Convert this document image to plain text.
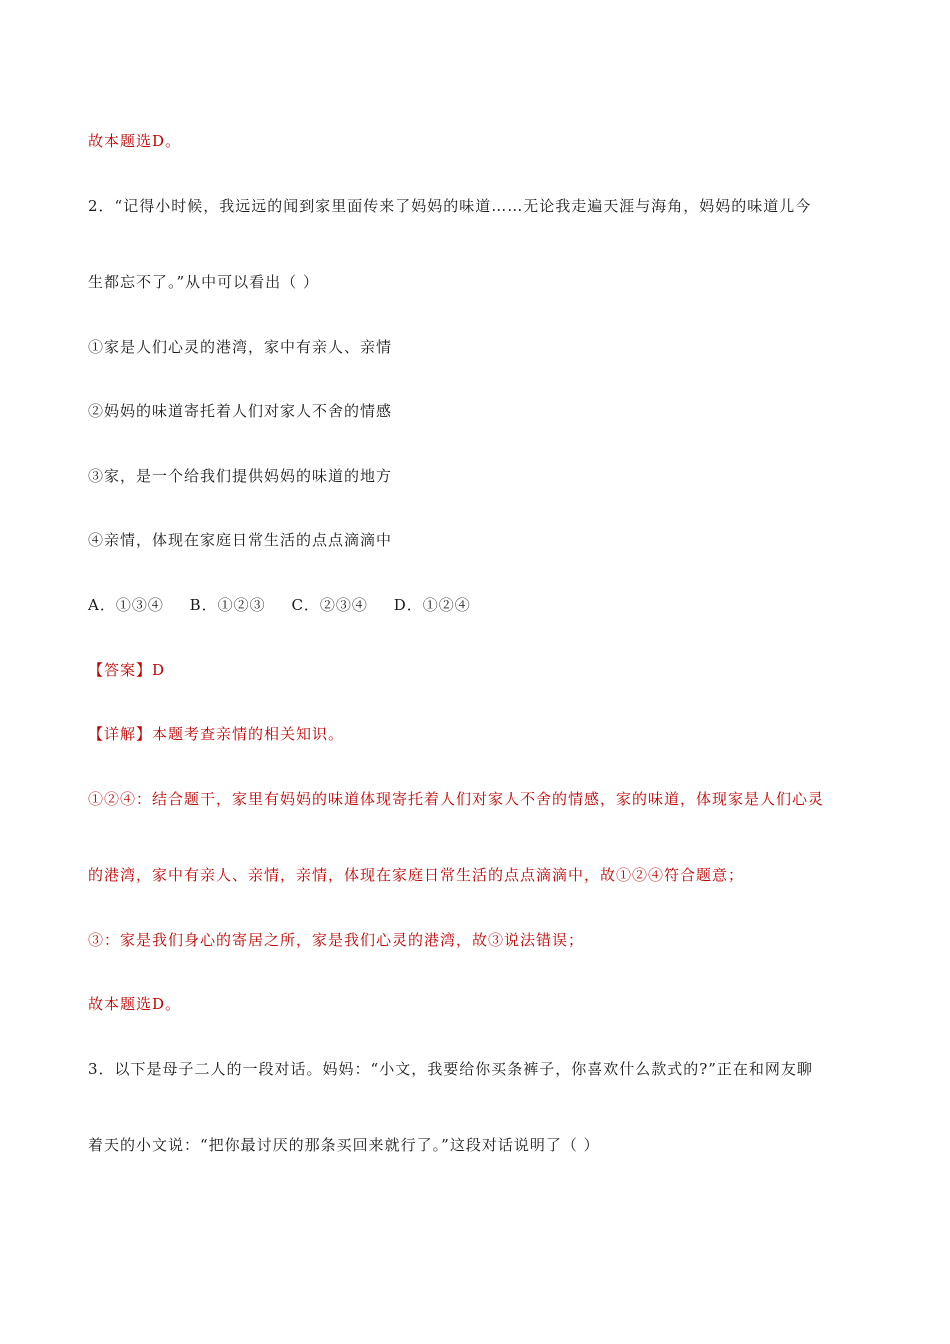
故本题选D。
2．“记得小时候，我远远的闻到家里面传来了妈妈的味道……无论我走遍天涯与海角，妈妈的味道儿今
生都忘不了。”从中可以看出（ ）
①家是人们心灵的港湾，家中有亲人、亲情
②妈妈的味道寄托着人们对家人不舍的情感
③家，是一个给我们提供妈妈的味道的地方
④亲情，体现在家庭日常生活的点点滴滴中
A．①③④ B．①②③ C．②③④ D．①②④
【答案】D
【详解】本题考查亲情的相关知识。
①②④：结合题干，家里有妈妈的味道体现寄托着人们对家人不舍的情感，家的味道，体现家是人们心灵
的港湾，家中有亲人、亲情，亲情，体现在家庭日常生活的点点滴滴中，故①②④符合题意；
③：家是我们身心的寄居之所，家是我们心灵的港湾，故③说法错误；
故本题选D。
3．以下是母子二人的一段对话。妈妈：“小文，我要给你买条裤子，你喜欢什么款式的?”正在和网友聊
着天的小文说：“把你最讨厌的那条买回来就行了。”这段对话说明了（ ）
